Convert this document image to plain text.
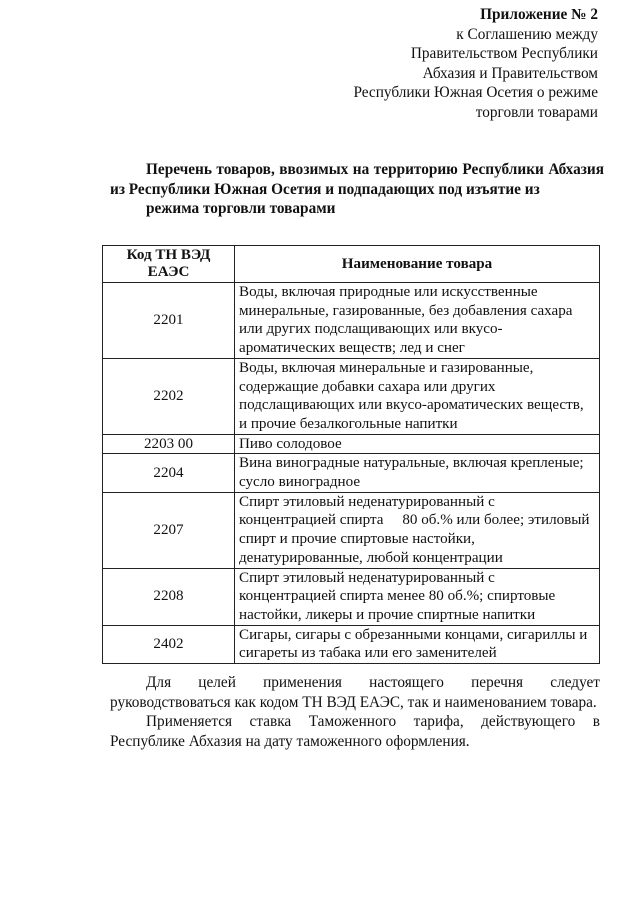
Приложение № 2
к Соглашению между
Правительством Республики
Абхазия и Правительством
Республики Южная Осетия о режиме
торговли товарами
Перечень товаров, ввозимых на территорию Республики Абхазия
из Республики Южная Осетия и подпадающих под изъятие из
режима торговли товарами
Код ТН ВЭД
ЕАЭС	Наименование товара
2201	Воды, включая природные или искусственные
минеральные, газированные, без добавления сахара
или других подслащивающих или вкусо-
ароматических веществ; лед и снег

2202	Воды, включая минеральные и газированные,
содержащие добавки сахара или других
подслащивающих или вкусо-ароматических веществ,
и прочие безалкогольные напитки

2203 00	Пиво солодовое

2204	Вина виноградные натуральные, включая крепленые;
сусло виноградное

2207	Спирт этиловый неденатурированный с
концентрацией спирта     80 об.% или более; этиловый
спирт и прочие спиртовые настойки,
денатурированные, любой концентрации

2208	Спирт этиловый неденатурированный с
концентрацией спирта менее 80 об.%; спиртовые
настойки, ликеры и прочие спиртные напитки

2402	Сигары, сигары с обрезанными концами, сигариллы и
сигареты из табака или его заменителей

Для целей применения настоящего перечня следует руководствоваться как кодом ТН ВЭД ЕАЭС, так и наименованием товара.

Применяется ставка Таможенного тарифа, действующего в Республике Абхазия на дату таможенного оформления.
